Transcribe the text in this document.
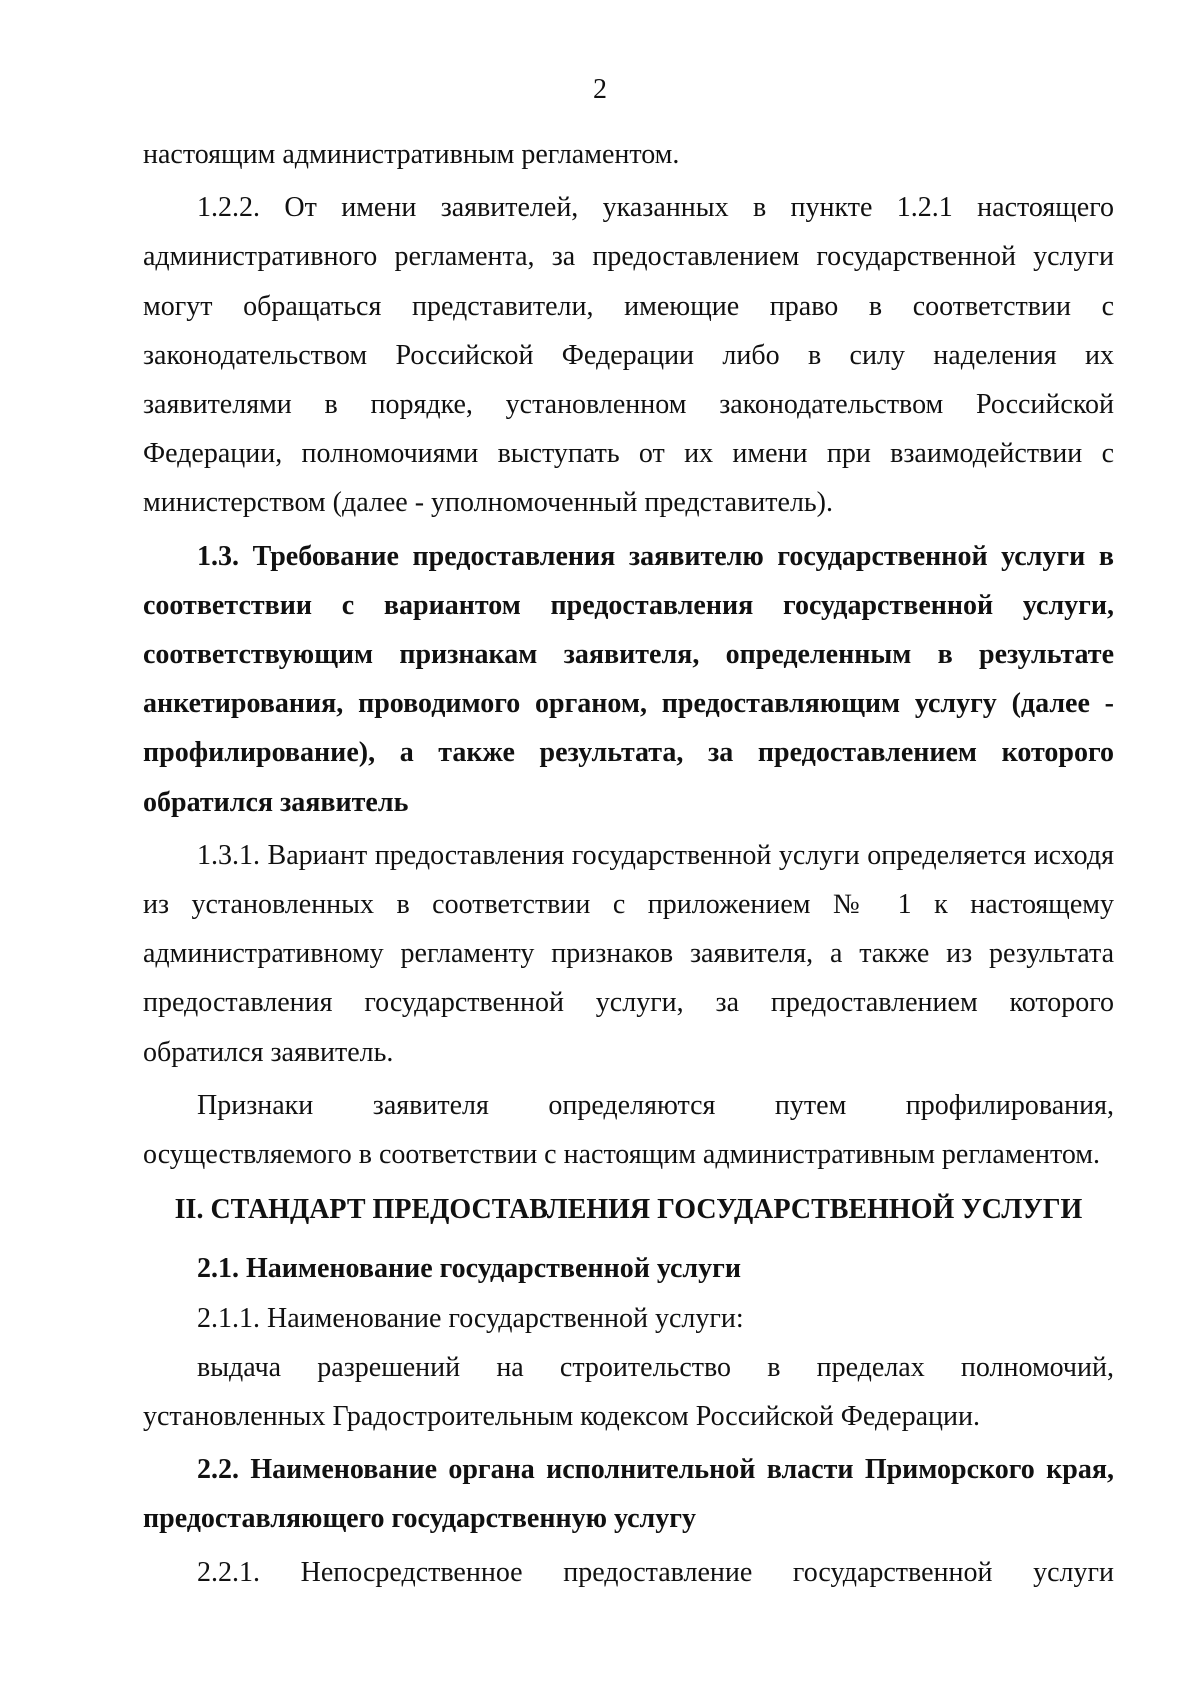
2

настоящим административным регламентом.

1.2.2. От имени заявителей, указанных в пункте 1.2.1 настоящего административного регламента, за предоставлением государственной услуги могут обращаться представители, имеющие право в соответствии с законодательством Российской Федерации либо в силу наделения их заявителями в порядке, установленном законодательством Российской Федерации, полномочиями выступать от их имени при взаимодействии с министерством (далее - уполномоченный представитель).

1.3. Требование предоставления заявителю государственной услуги в соответствии с вариантом предоставления государственной услуги, соответствующим признакам заявителя, определенным в результате анкетирования, проводимого органом, предоставляющим услугу (далее - профилирование), а также результата, за предоставлением которого обратился заявитель

1.3.1. Вариант предоставления государственной услуги определяется исходя из установленных в соответствии с приложением № 1 к настоящему административному регламенту признаков заявителя, а также из результата предоставления государственной услуги, за предоставлением которого обратился заявитель.

Признаки заявителя определяются путем профилирования, осуществляемого в соответствии с настоящим административным регламентом.

II. СТАНДАРТ ПРЕДОСТАВЛЕНИЯ ГОСУДАРСТВЕННОЙ УСЛУГИ

2.1. Наименование государственной услуги

2.1.1. Наименование государственной услуги:

выдача разрешений на строительство в пределах полномочий, установленных Градостроительным кодексом Российской Федерации.

2.2. Наименование органа исполнительной власти Приморского края, предоставляющего государственную услугу

2.2.1. Непосредственное предоставление государственной услуги
